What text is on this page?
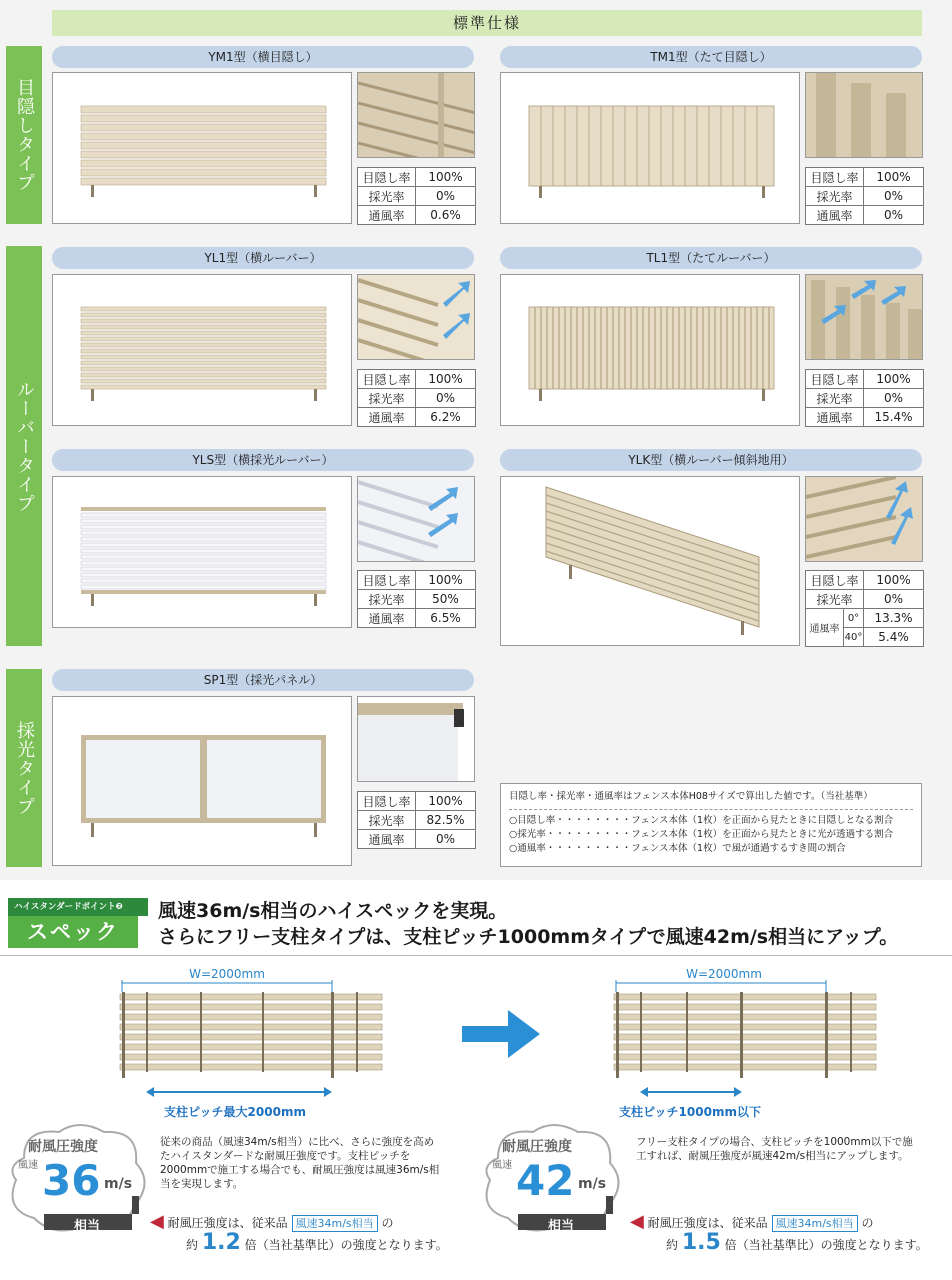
標準仕様
目隠しタイプ
ルーバータイプ
採光タイプ
YM1型（横目隠し）
目隠し率	100%
採光率	0%
通風率	0.6%
TM1型（たて目隠し）
目隠し率	100%
採光率	0%
通風率	0%
YL1型（横ルーバー）
目隠し率	100%
採光率	0%
通風率	6.2%
TL1型（たてルーバー）
目隠し率	100%
採光率	0%
通風率	15.4%
YLS型（横採光ルーバー）
目隠し率	100%
採光率	50%
通風率	6.5%
YLK型（横ルーバー傾斜地用）
目隠し率		100%
採光率		0%
通風率	0°	13.3%
	40°	5.4%
SP1型（採光パネル）
目隠し率	100%
採光率	82.5%
通風率	0%
目隠し率・採光率・通風率はフェンス本体H08サイズで算出した値です。（当社基準）
○目隠し率・・・・・・・・フェンス本体（1枚）を正面から見たときに目隠しとなる割合
○採光率・・・・・・・・・フェンス本体（1枚）を正面から見たときに光が透過する割合
○通風率・・・・・・・・・フェンス本体（1枚）で風が通過するすき間の割合
ハイスタンダードポイント❷
スペック
風速36m/s相当のハイスペックを実現。
さらにフリー支柱タイプは、支柱ピッチ1000mmタイプで風速42m/s相当にアップ。
W=2000mm
支柱ピッチ最大2000mm
W=2000mm
支柱ピッチ1000mm以下
耐風圧強度
風速 36 m/s
相当
従来の商品（風速34m/s相当）に比べ、さらに強度を高めたハイスタンダードな耐風圧強度です。支柱ピッチを2000mmで施工する場合でも、耐風圧強度は風速36m/s相当を実現します。
◀ 耐風圧強度は、従来品 風速34m/s相当 の
約 1.2 倍（当社基準比）の強度となります。
耐風圧強度
風速 42 m/s
相当
フリー支柱タイプの場合、支柱ピッチを1000mm以下で施工すれば、耐風圧強度が風速42m/s相当にアップします。
◀ 耐風圧強度は、従来品 風速34m/s相当 の
約 1.5 倍（当社基準比）の強度となります。
